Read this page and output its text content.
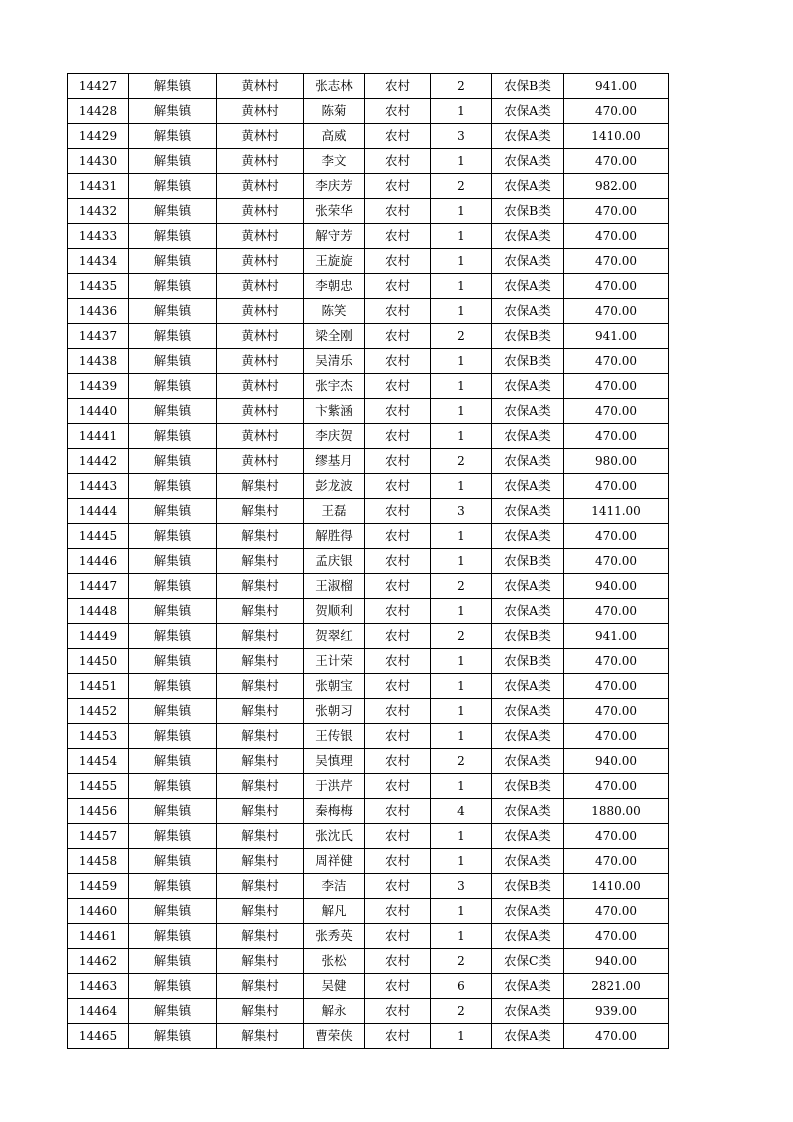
14427	解集镇	黄林村	张志林	农村	2	农保B类	941.00
14428	解集镇	黄林村	陈菊	农村	1	农保A类	470.00
14429	解集镇	黄林村	高威	农村	3	农保A类	1410.00
14430	解集镇	黄林村	李文	农村	1	农保A类	470.00
14431	解集镇	黄林村	李庆芳	农村	2	农保A类	982.00
14432	解集镇	黄林村	张荣华	农村	1	农保B类	470.00
14433	解集镇	黄林村	解守芳	农村	1	农保A类	470.00
14434	解集镇	黄林村	王旋旋	农村	1	农保A类	470.00
14435	解集镇	黄林村	李朝忠	农村	1	农保A类	470.00
14436	解集镇	黄林村	陈笑	农村	1	农保A类	470.00
14437	解集镇	黄林村	梁全刚	农村	2	农保B类	941.00
14438	解集镇	黄林村	吴清乐	农村	1	农保B类	470.00
14439	解集镇	黄林村	张宇杰	农村	1	农保A类	470.00
14440	解集镇	黄林村	卞紫涵	农村	1	农保A类	470.00
14441	解集镇	黄林村	李庆贺	农村	1	农保A类	470.00
14442	解集镇	黄林村	缪基月	农村	2	农保A类	980.00
14443	解集镇	解集村	彭龙波	农村	1	农保A类	470.00
14444	解集镇	解集村	王磊	农村	3	农保A类	1411.00
14445	解集镇	解集村	解胜得	农村	1	农保A类	470.00
14446	解集镇	解集村	孟庆银	农村	1	农保B类	470.00
14447	解集镇	解集村	王淑榴	农村	2	农保A类	940.00
14448	解集镇	解集村	贺顺利	农村	1	农保A类	470.00
14449	解集镇	解集村	贺翠红	农村	2	农保B类	941.00
14450	解集镇	解集村	王计荣	农村	1	农保B类	470.00
14451	解集镇	解集村	张朝宝	农村	1	农保A类	470.00
14452	解集镇	解集村	张朝习	农村	1	农保A类	470.00
14453	解集镇	解集村	王传银	农村	1	农保A类	470.00
14454	解集镇	解集村	吴慎理	农村	2	农保A类	940.00
14455	解集镇	解集村	于洪芹	农村	1	农保B类	470.00
14456	解集镇	解集村	秦梅梅	农村	4	农保A类	1880.00
14457	解集镇	解集村	张沈氏	农村	1	农保A类	470.00
14458	解集镇	解集村	周祥健	农村	1	农保A类	470.00
14459	解集镇	解集村	李洁	农村	3	农保B类	1410.00
14460	解集镇	解集村	解凡	农村	1	农保A类	470.00
14461	解集镇	解集村	张秀英	农村	1	农保A类	470.00
14462	解集镇	解集村	张松	农村	2	农保C类	940.00
14463	解集镇	解集村	吴健	农村	6	农保A类	2821.00
14464	解集镇	解集村	解永	农村	2	农保A类	939.00
14465	解集镇	解集村	曹荣侠	农村	1	农保A类	470.00
